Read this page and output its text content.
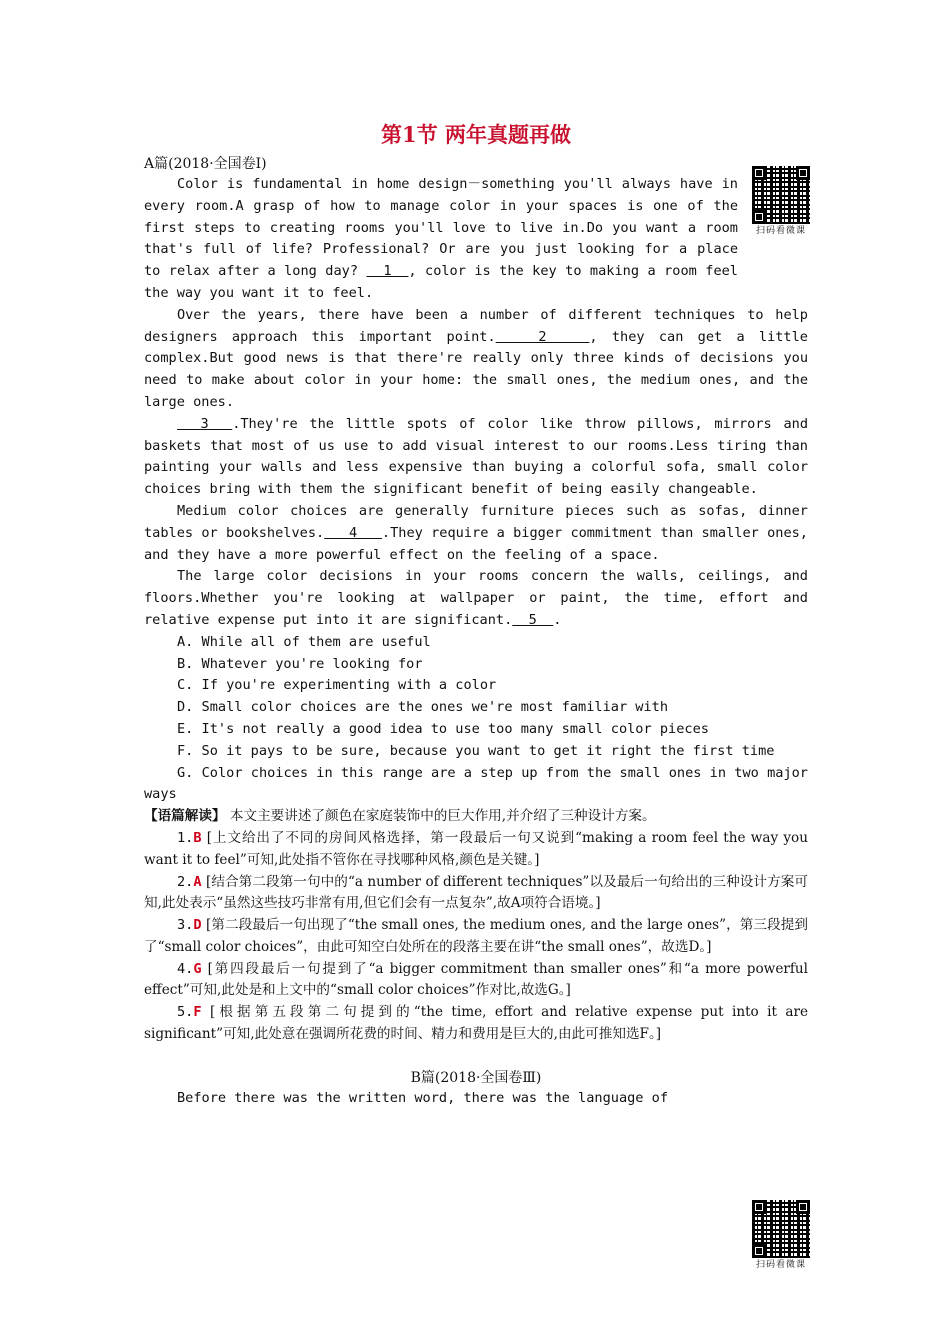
第1节 两年真题再做
A篇(2018·全国卷Ⅰ)

Color is fundamental in home design－something you'll always have in every room.A grasp of how to manage color in your spaces is one of the first steps to creating rooms you'll love to live in.Do you want a room that's full of life? Professional? Or are you just looking for a place to relax after a long day?   1  , color is the key to making a room feel the way you want it to feel.

Over the years, there have been a number of different techniques to help designers approach this important point.   2   , they can get a little complex.But good news is that there're really only three kinds of decisions you need to make about color in your home: the small ones, the medium ones, and the large ones.

3  .They're the little spots of color like throw pillows, mirrors and baskets that most of us use to add visual interest to our rooms.Less tiring than painting your walls and less expensive than buying a colorful sofa, small color choices bring with them the significant benefit of being easily changeable.

Medium color choices are generally furniture pieces such as sofas, dinner tables or bookshelves.   4   .They require a bigger commitment than smaller ones, and they have a more powerful effect on the feeling of a space.

The large color decisions in your rooms concern the walls, ceilings, and floors.Whether you're looking at wallpaper or paint, the time, effort and relative expense put into it are significant.  5  .

A. While all of them are useful

B. Whatever you're looking for

C. If you're experimenting with a color

D. Small color choices are the ones we're most familiar with

E. It's not really a good idea to use too many small color pieces

F. So it pays to be sure, because you want to get it right the first time

G. Color choices in this range are a step up from the small ones in two major ways

【语篇解读】 本文主要讲述了颜色在家庭装饰中的巨大作用,并介绍了三种设计方案。

1.B [上文给出了不同的房间风格选择，第一段最后一句又说到“making a room feel the way you want it to feel”可知,此处指不管你在寻找哪种风格,颜色是关键。]

2.A [结合第二段第一句中的“a number of different techniques”以及最后一句给出的三种设计方案可知,此处表示“虽然这些技巧非常有用,但它们会有一点复杂”,故A项符合语境。]

3.D [第二段最后一句出现了“the small ones, the medium ones, and the large ones”，第三段提到了“small color choices”，由此可知空白处所在的段落主要在讲“the small ones”，故选D。]

4.G [第四段最后一句提到了“a bigger commitment than smaller ones”和“a more powerful effect”可知,此处是和上文中的“small color choices”作对比,故选G。]

5.F [根据第五段第二句提到的“the time, effort and relative expense put into it are significant”可知,此处意在强调所花费的时间、精力和费用是巨大的,由此可推知选F。]

B篇(2018·全国卷Ⅲ)

Before there was the written word, there was the language of

扫码看微课
扫码看微课
